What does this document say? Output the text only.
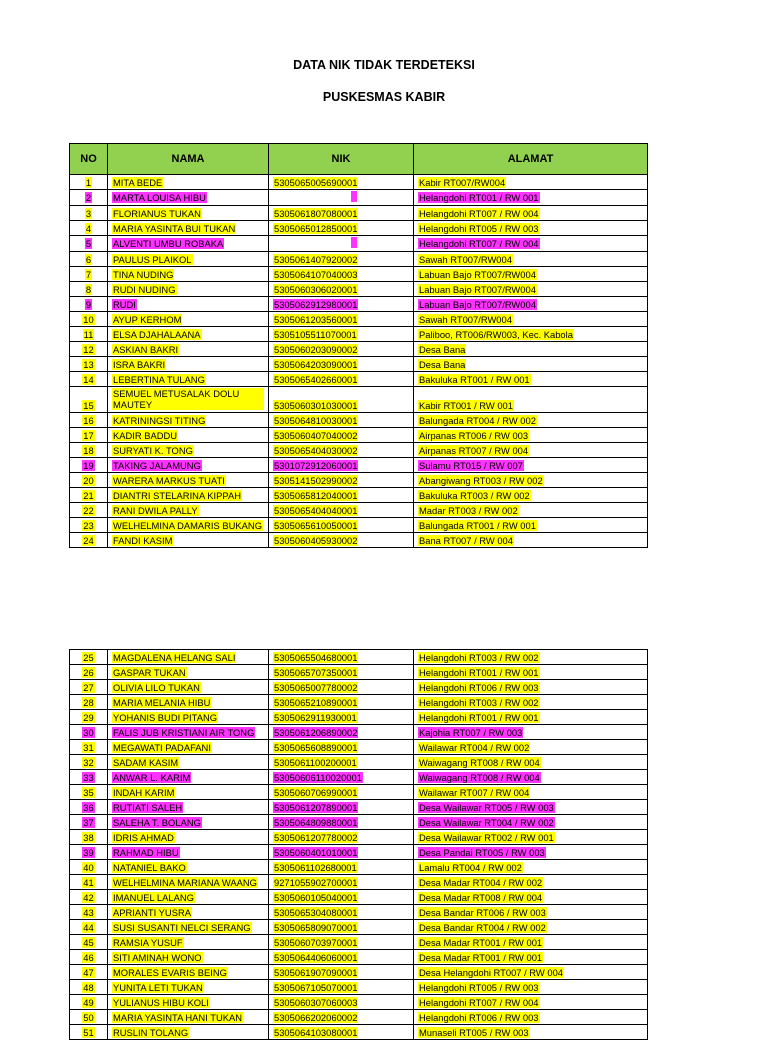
DATA NIK TIDAK TERDETEKSI
PUSKESMAS KABIR
NO	NAMA	NIK	ALAMAT
1	MITA BEDE	5305065005690001	Kabir RT007/RW004
2	MARTA LOUISA HIBU		Helangdohi RT001 / RW 001
3	FLORIANUS TUKAN	5305061807080001	Helangdohi RT007 / RW 004
4	MARIA YASINTA BUI TUKAN	5305065012850001	Helangdohi RT005 / RW 003
5	ALVENTI UMBU ROBAKA		Helangdohi RT007 / RW 004
6	PAULUS PLAIKOL	5305061407920002	Sawah RT007/RW004
7	TINA NUDING	5305064107040003	Labuan Bajo RT007/RW004
8	RUDI NUDING	5305060306020001	Labuan Bajo RT007/RW004
9	RUDI	5305062912980001	Labuan Bajo RT007/RW004
10	AYUP KERHOM	5305061203560001	Sawah RT007/RW004
11	ELSA DJAHALAANA	5305105511070001	Paliboo, RT006/RW003, Kec. Kabola
12	ASKIAN BAKRI	5305060203090002	Desa Bana
13	ISRA BAKRI	5305064203090001	Desa Bana
14	LEBERTINA TULANG	5305065402660001	Bakuluka RT001 / RW 001
15	SEMUEL METUSALAK DOLU MAUTEY	5305060301030001	Kabir RT001 / RW 001
16	KATRININGSI TITING	5305064810030001	Balungada RT004 / RW 002
17	KADIR BADDU	5305060407040002	Airpanas RT006 / RW 003
18	SURYATI K. TONG	5305065404030002	Airpanas RT007 / RW 004
19	TAKING JALAMUNG	5301072912060001	Sulamu RT015 / RW 007
20	WARERA MARKUS TUATI	5305141502990002	Abangiwang RT003 / RW 002
21	DIANTRI STELARINA KIPPAH	5305065812040001	Bakuluka RT003 / RW 002
22	RANI DWILA PALLY	5305065404040001	Madar RT003 / RW 002
23	WELHELMINA DAMARIS BUKANG	5305065610050001	Balungada RT001 / RW 001
24	FANDI KASIM	5305060405930002	Bana RT007 / RW 004
25	MAGDALENA HELANG SALI	5305065504680001	Helangdohi RT003 / RW 002
26	GASPAR TUKAN	5305065707350001	Helangdohi RT001 / RW 001
27	OLIVIA LILO TUKAN	5305065007780002	Helangdohi RT006 / RW 003
28	MARIA MELANIA HIBU	5305065210890001	Helangdohi RT003 / RW 002
29	YOHANIS BUDI PITANG	5305062911930001	Helangdohi RT001 / RW 001
30	FALIS JUB KRISTIANI AIR TONG	5305061206890002	Kajohia RT007 / RW 003
31	MEGAWATI PADAFANI	5305065608890001	Wailawar RT004 / RW 002
32	SADAM KASIM	5305061100200001	Waiwagang RT008 / RW 004
33	ANWAR L. KARIM	53050606110020001	Waiwagang RT008 / RW 004
35	INDAH KARIM	5305060706990001	Wailawar RT007 / RW 004
36	RUTIATI SALEH	5305061207890001	Desa Wailawar RT005 / RW 003
37	SALEHA T. BOLANG	5305064809880001	Desa Wailawar RT004 / RW 002
38	IDRIS AHMAD	5305061207780002	Desa Wailawar RT002 / RW 001
39	RAHMAD HIBU	5305060401010001	Desa Pandai RT005 / RW 003
40	NATANIEL BAKO	5305061102680001	Lamalu RT004 / RW 002
41	WELHELMINA MARIANA WAANG	9271055902700001	Desa Madar RT004 / RW 002
42	IMANUEL LALANG	5305060105040001	Desa Madar RT008 / RW 004
43	APRIANTI YUSRA	5305065304080001	Desa Bandar RT006 / RW 003
44	SUSI SUSANTI NELCI SERANG	5305065809070001	Desa Bandar RT004 / RW 002
45	RAMSIA YUSUF	5305060703970001	Desa Madar RT001 / RW 001
46	SITI AMINAH WONO	5305064406060001	Desa Madar RT001 / RW 001
47	MORALES EVARIS BEING	5305061907090001	Desa Helangdohi RT007 / RW 004
48	YUNITA LETI TUKAN	5305067105070001	Helangdohi RT005 / RW 003
49	YULIANUS HIBU KOLI	5305060307060003	Helangdohi RT007 / RW 004
50	MARIA YASINTA HANI TUKAN	5305066202060002	Helangdohi RT006 / RW 003
51	RUSLIN TOLANG	5305064103080001	Munaseli RT005 / RW 003
